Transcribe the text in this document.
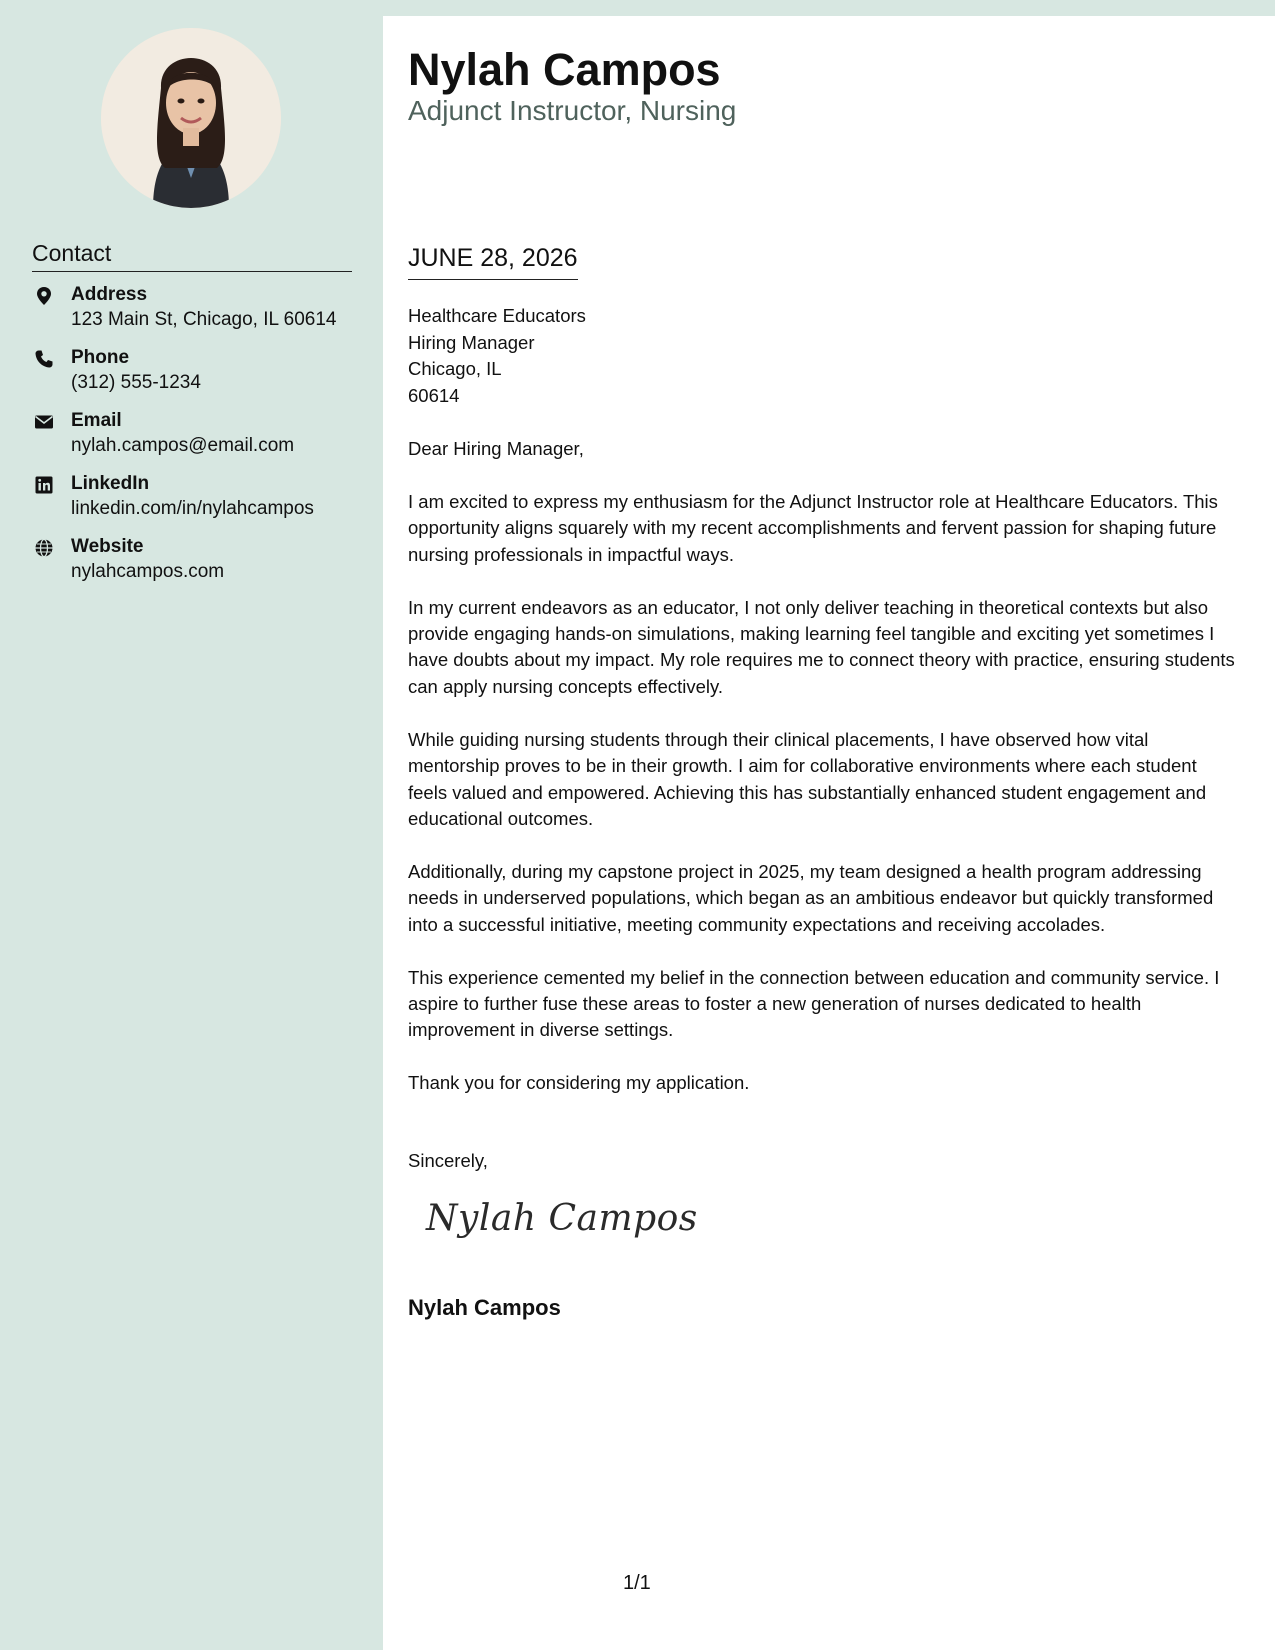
Contact
Address
123 Main St, Chicago, IL 60614
Phone
(312) 555-1234
Email
nylah.campos@email.com
LinkedIn
linkedin.com/in/nylahcampos
Website
nylahcampos.com
Nylah Campos
Adjunct Instructor, Nursing
JUNE 28, 2026
Healthcare Educators
Hiring Manager
Chicago, IL
60614

Dear Hiring Manager,

I am excited to express my enthusiasm for the Adjunct Instructor role at Healthcare Educators. This opportunity aligns squarely with my recent accomplishments and fervent passion for shaping future nursing professionals in impactful ways.

In my current endeavors as an educator, I not only deliver teaching in theoretical contexts but also provide engaging hands-on simulations, making learning feel tangible and exciting yet sometimes I have doubts about my impact. My role requires me to connect theory with practice, ensuring students can apply nursing concepts effectively.

While guiding nursing students through their clinical placements, I have observed how vital mentorship proves to be in their growth. I aim for collaborative environments where each student feels valued and empowered. Achieving this has substantially enhanced student engagement and educational outcomes.

Additionally, during my capstone project in 2025, my team designed a health program addressing needs in underserved populations, which began as an ambitious endeavor but quickly transformed into a successful initiative, meeting community expectations and receiving accolades.

This experience cemented my belief in the connection between education and community service. I aspire to further fuse these areas to foster a new generation of nurses dedicated to health improvement in diverse settings.

Thank you for considering my application.

Sincerely,
Nylah Campos
Nylah Campos
1/1
